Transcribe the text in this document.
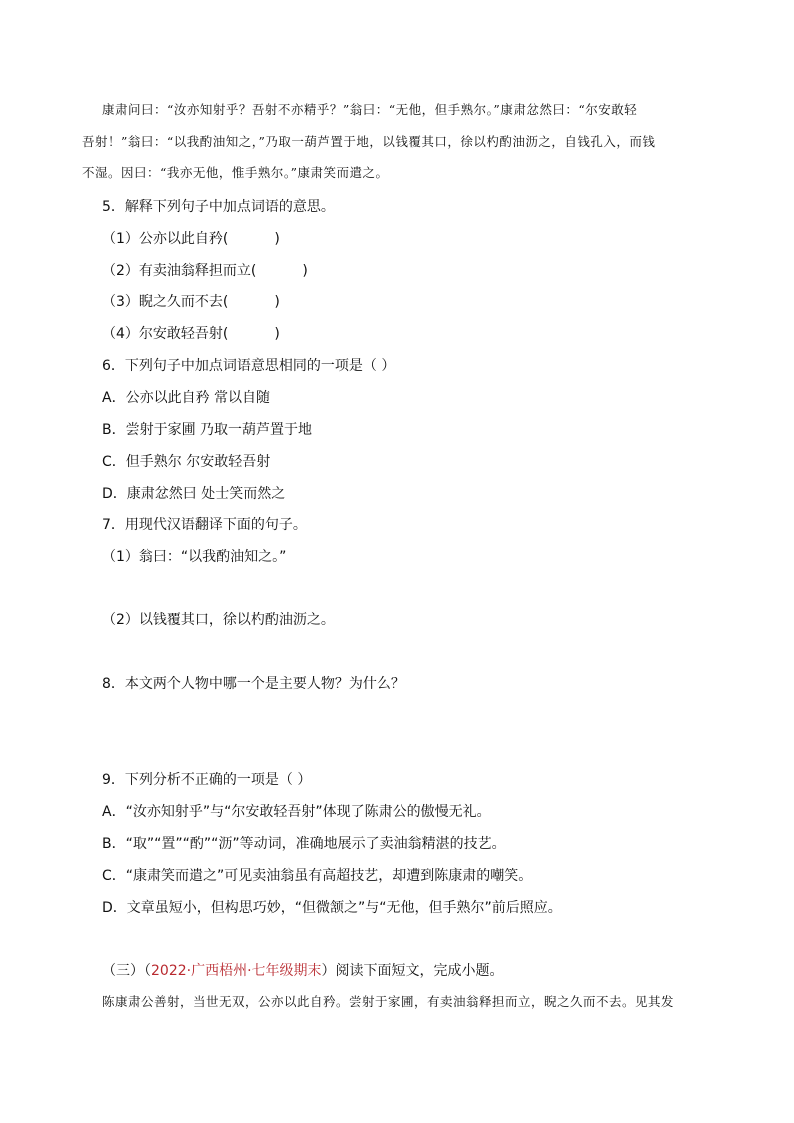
康肃问曰：“汝亦知射乎？吾射不亦精乎？”翁曰：“无他，但手熟尔。”康肃忿然曰：“尔安敢轻
吾射！”翁曰：“以我酌油知之，”乃取一葫芦置于地，以钱覆其口，徐以杓酌油沥之，自钱孔入，而钱
不湿。因曰：“我亦无他，惟手熟尔。”康肃笑而遣之。
5．解释下列句子中加点词语的意思。
（1）公亦以此自矜(	)
（2）有卖油翁释担而立(	)
（3）睨之久而不去(	)
（4）尔安敢轻吾射(	)
6．下列句子中加点词语意思相同的一项是（ ）
A．公亦以此自矜 常以自随
B．尝射于家圃 乃取一葫芦置于地
C．但手熟尔 尔安敢轻吾射
D．康肃忿然曰 处士笑而然之
7．用现代汉语翻译下面的句子。
（1）翁曰：“以我酌油知之。”
（2）以钱覆其口，徐以杓酌油沥之。
8．本文两个人物中哪一个是主要人物？为什么？
9．下列分析不正确的一项是（ ）
A．“汝亦知射乎”与“尔安敢轻吾射”体现了陈肃公的傲慢无礼。
B．“取”“置”“酌”“沥”等动词，准确地展示了卖油翁精湛的技艺。
C．“康肃笑而遣之”可见卖油翁虽有高超技艺，却遭到陈康肃的嘲笑。
D．文章虽短小，但构思巧妙，“但微颔之”与“无他，但手熟尔”前后照应。
（三）（2022·广西梧州·七年级期末）阅读下面短文，完成小题。
陈康肃公善射，当世无双，公亦以此自矜。尝射于家圃，有卖油翁释担而立，睨之久而不去。见其发
